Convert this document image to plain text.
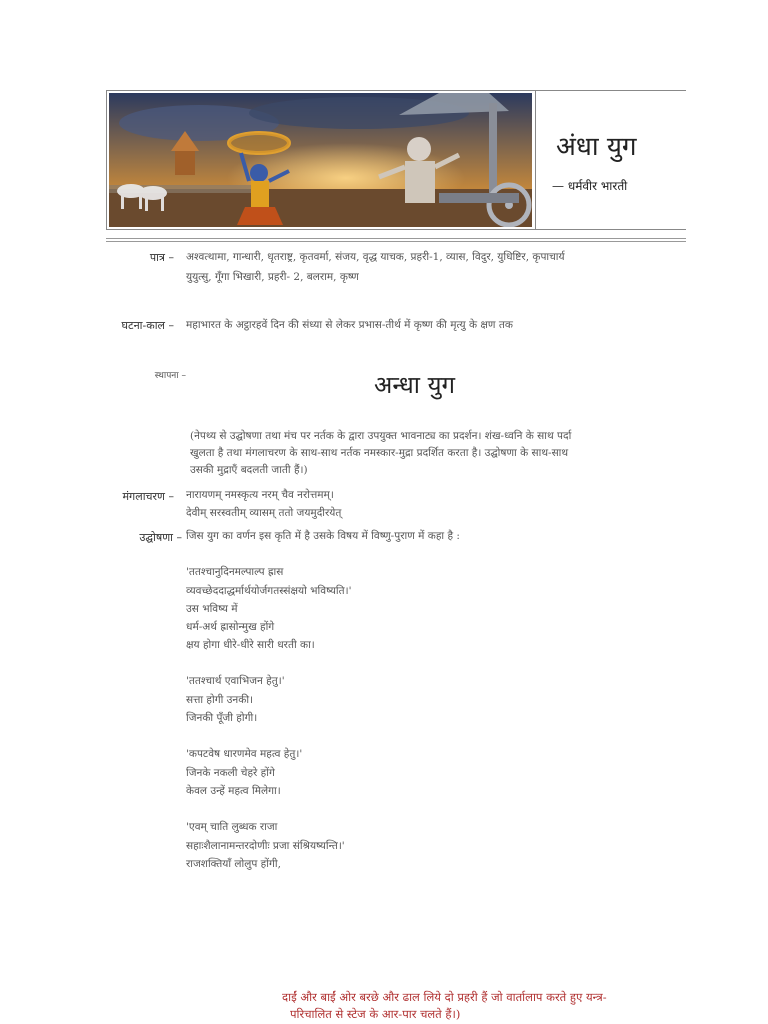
अंधा युग
— धर्मवीर भारती
पात्र – अश्वत्थामा, गान्धारी, धृतराष्ट्र, कृतवर्मा, संजय, वृद्ध याचक, प्रहरी-1, व्यास, विदुर, युधिष्टिर, कृपाचार्य
युयुत्सु, गूँगा भिखारी, प्रहरी- 2, बलराम, कृष्ण
घटना-काल – महाभारत के अट्ठारहवें दिन की संध्या से लेकर प्रभास-तीर्थ में कृष्ण की मृत्यु के क्षण तक
स्थापना –	अन्धा युग
(नेपथ्य से उद्घोषणा तथा मंच पर नर्तक के द्वारा उपयुक्त भावनाट्य का प्रदर्शन। शंख-ध्वनि के साथ पर्दा
खुलता है तथा मंगलाचरण के साथ-साथ नर्तक नमस्कार-मुद्रा प्रदर्शित करता है। उद्घोषणा के साथ-साथ
उसकी मुद्राएँ बदलती जाती हैं।)
मंगलाचरण – नारायणम् नमस्कृत्य नरम् चैव नरोत्तमम्।
देवीम् सरस्वतीम् व्यासम् ततो जयमुदीरयेत्
उद्घोषणा – जिस युग का वर्णन इस कृति में है उसके विषय में विष्णु-पुराण में कहा है :
'ततश्चानुदिनमल्पाल्प ह्रास
व्यवच्छेददाद्धर्मार्थयोर्जगतस्संक्षयो भविष्यति।'
उस भविष्य में
धर्म-अर्थ ह्रासोन्मुख होंगे
क्षय होगा धीरे-धीरे सारी धरती का।
'ततश्चार्थ एवाभिजन हेतु।'
सत्ता होगी उनकी।
जिनकी पूँजी होगी।
'कपटवेष धारणमेव महत्व हेतु।'
जिनके नकली चेहरे होंगे
केवल उन्हें महत्व मिलेगा।
'एवम् चाति लुब्धक राजा
सहाःशैलानामन्तरदोणीः प्रजा संश्रियष्यन्ति।'
राजशक्तियाँ लोलुप होंगी,
दाईं और बाईं ओर बरछे और ढाल लिये दो प्रहरी हैं जो वार्तालाप करते हुए यन्त्र-
परिचालित से स्टेज के आर-पार चलते हैं।)
